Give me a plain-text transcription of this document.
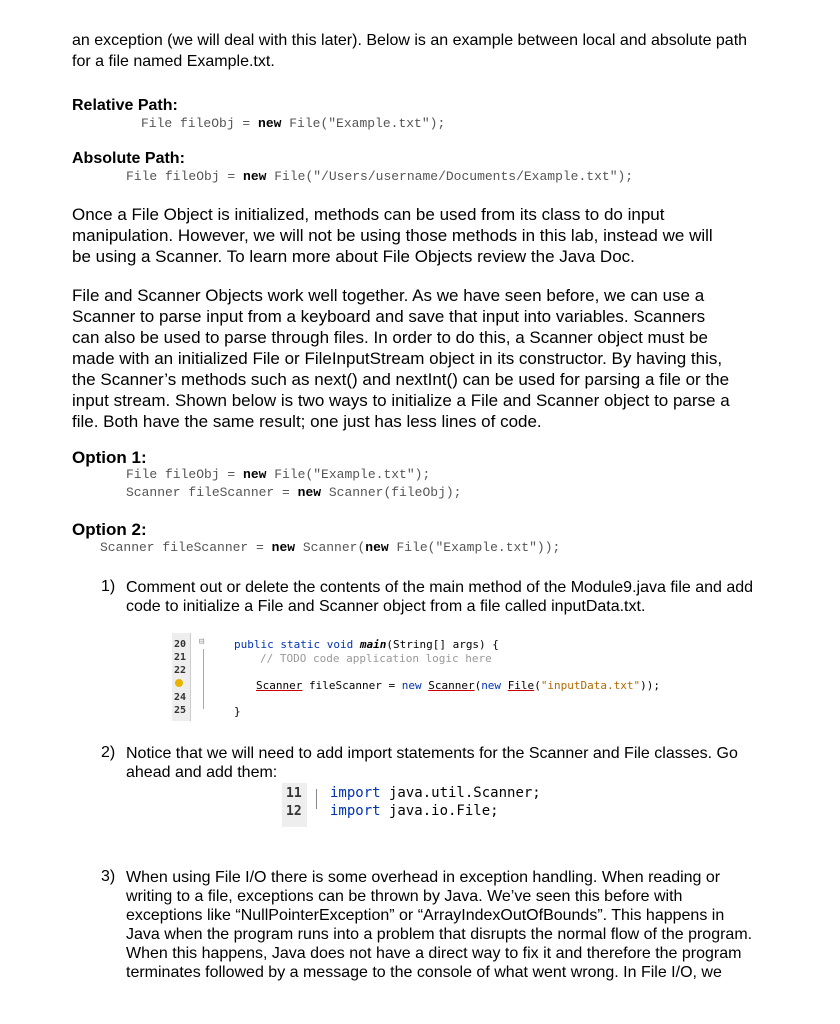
an exception (we will deal with this later). Below is an example between local and absolute path
for a file named Example.txt.

Relative Path:

File fileObj = new File("Example.txt");

Absolute Path:

File fileObj = new File("/Users/username/Documents/Example.txt");

Once a File Object is initialized, methods can be used from its class to do input
manipulation. However, we will not be using those methods in this lab, instead we will
be using a Scanner. To learn more about File Objects review the Java Doc.

File and Scanner Objects work well together. As we have seen before, we can use a
Scanner to parse input from a keyboard and save that input into variables. Scanners
can also be used to parse through files. In order to do this, a Scanner object must be
made with an initialized File or FileInputStream object in its constructor. By having this,
the Scanner’s methods such as next() and nextInt() can be used for parsing a file or the
input stream. Shown below is two ways to initialize a File and Scanner object to parse a
file. Both have the same result; one just has less lines of code.

Option 1:

File fileObj = new File("Example.txt");

Scanner fileScanner = new Scanner(fileObj);

Option 2:

Scanner fileScanner = new Scanner(new File("Example.txt"));

1) Comment out or delete the contents of the main method of the Module9.java file and add
code to initialize a File and Scanner object from a file called inputData.txt.

20
21
22
24
25
⊟	public static void main(String[] args) {
// TODO code application logic here
Scanner fileScanner = new Scanner(new File("inputData.txt"));
}
2) Notice that we will need to add import statements for the Scanner and File classes. Go
ahead and add them:

11
12
import java.util.Scanner;
import java.io.File;
3) When using File I/O there is some overhead in exception handling. When reading or
writing to a file, exceptions can be thrown by Java. We’ve seen this before with
exceptions like “NullPointerException” or “ArrayIndexOutOfBounds”. This happens in
Java when the program runs into a problem that disrupts the normal flow of the program.
When this happens, Java does not have a direct way to fix it and therefore the program
terminates followed by a message to the console of what went wrong. In File I/O, we
